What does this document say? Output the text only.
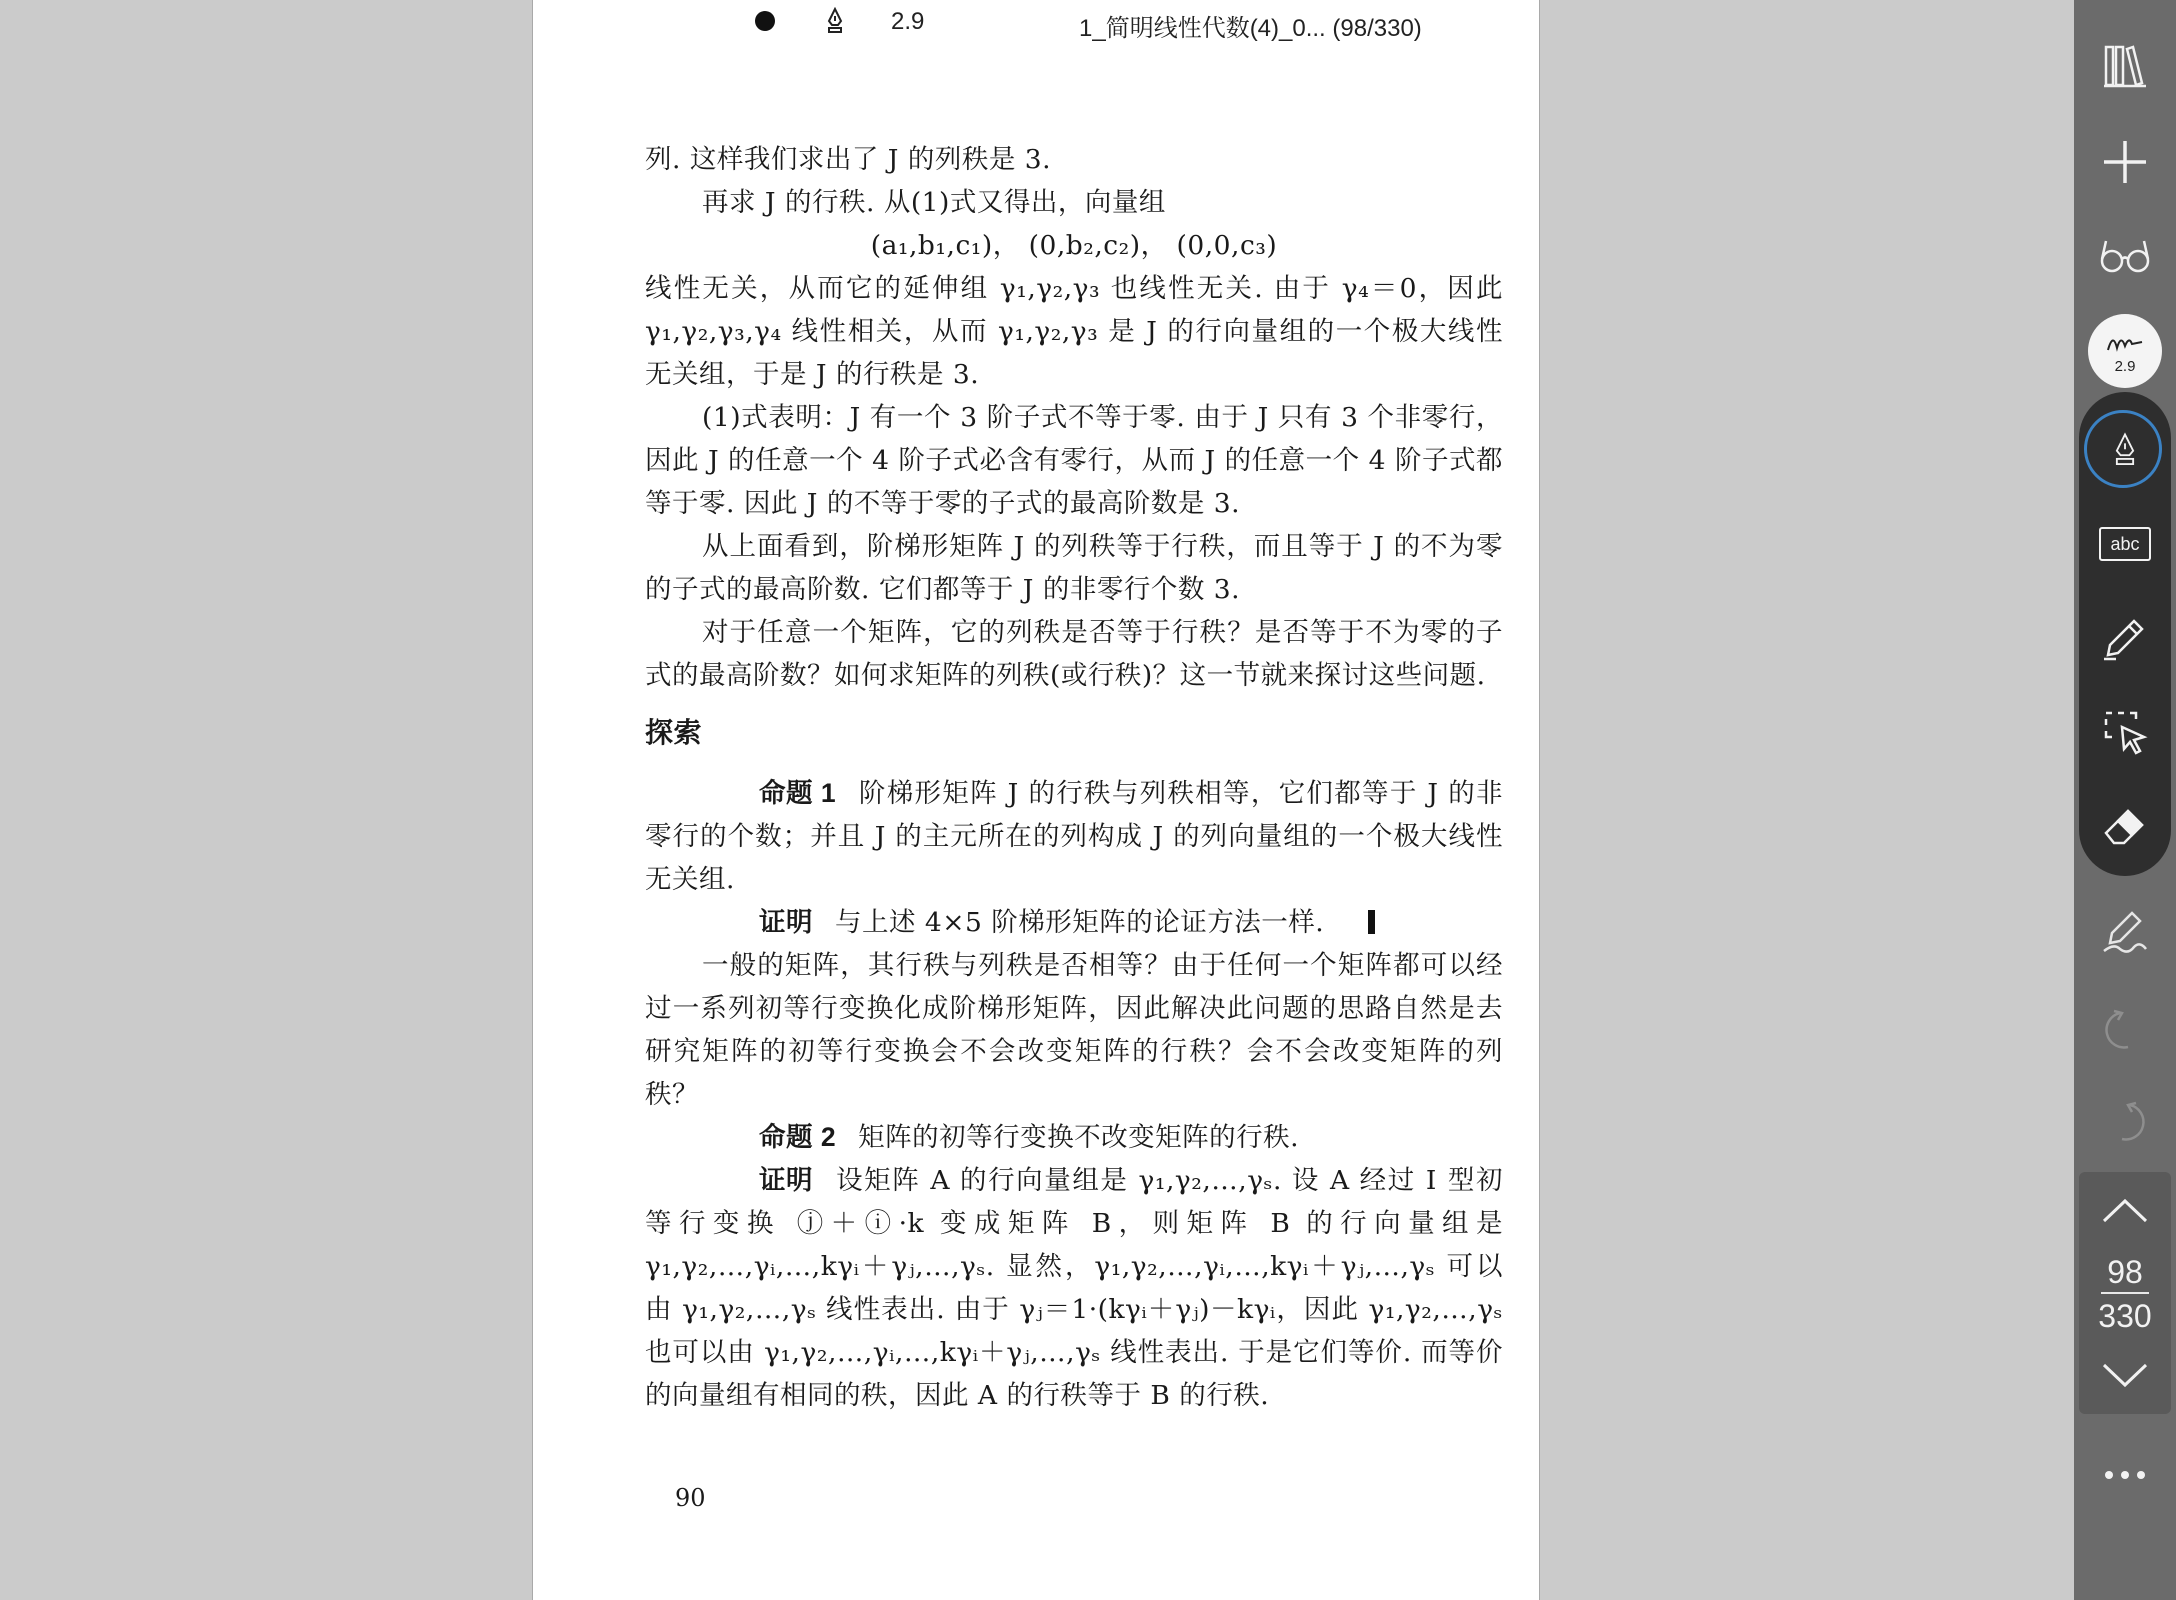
2.9	1_简明线性代数(4)_0... (98/330)

列. 这样我们求出了 J 的列秩是 3.

再求 J 的行秩. 从(1)式又得出，向量组

(a₁,b₁,c₁)， (0,b₂,c₂)， (0,0,c₃)

线性无关，从而它的延伸组 γ₁,γ₂,γ₃ 也线性无关. 由于 γ₄＝0，因此 γ₁,γ₂,γ₃,γ₄ 线性相关，从而 γ₁,γ₂,γ₃ 是 J 的行向量组的一个极大线性无关组，于是 J 的行秩是 3.

(1)式表明：J 有一个 3 阶子式不等于零. 由于 J 只有 3 个非零行，因此 J 的任意一个 4 阶子式必含有零行，从而 J 的任意一个 4 阶子式都等于零. 因此 J 的不等于零的子式的最高阶数是 3.

从上面看到，阶梯形矩阵 J 的列秩等于行秩，而且等于 J 的不为零的子式的最高阶数. 它们都等于 J 的非零行个数 3.

对于任意一个矩阵，它的列秩是否等于行秩？是否等于不为零的子式的最高阶数？如何求矩阵的列秩(或行秩)？这一节就来探讨这些问题.

探索

命题 1 阶梯形矩阵 J 的行秩与列秩相等，它们都等于 J 的非零行的个数；并且 J 的主元所在的列构成 J 的列向量组的一个极大线性无关组.

证明 与上述 4×5 阶梯形矩阵的论证方法一样.

一般的矩阵，其行秩与列秩是否相等？由于任何一个矩阵都可以经过一系列初等行变换化成阶梯形矩阵，因此解决此问题的思路自然是去研究矩阵的初等行变换会不会改变矩阵的行秩？会不会改变矩阵的列秩？

命题 2 矩阵的初等行变换不改变矩阵的行秩.

证明 设矩阵 A 的行向量组是 γ₁,γ₂,…,γₛ. 设 A 经过 Ⅰ 型初等行变换 ⓙ＋ⓘ·k 变成矩阵 B，则矩阵 B 的行向量组是 γ₁,γ₂,…,γᵢ,…,kγᵢ＋γⱼ,…,γₛ. 显然，γ₁,γ₂,…,γᵢ,…,kγᵢ＋γⱼ,…,γₛ 可以由 γ₁,γ₂,…,γₛ 线性表出. 由于 γⱼ＝1·(kγᵢ＋γⱼ)－kγᵢ，因此 γ₁,γ₂,…,γₛ 也可以由 γ₁,γ₂,…,γᵢ,…,kγᵢ＋γⱼ,…,γₛ 线性表出. 于是它们等价. 而等价的向量组有相同的秩，因此 A 的行秩等于 B 的行秩.

90
2.9
abc
98
330
